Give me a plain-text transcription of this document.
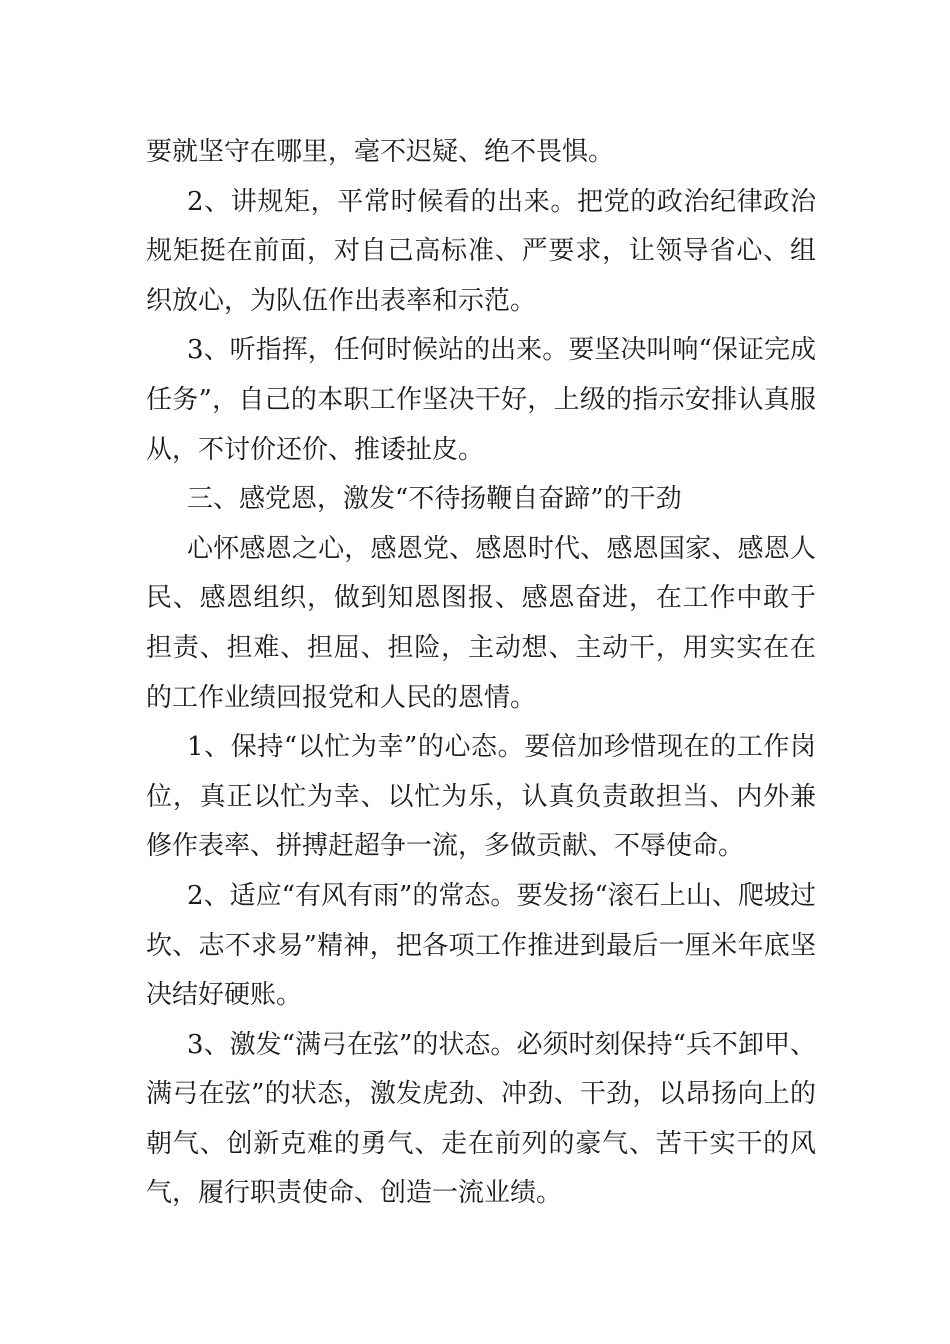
要就坚守在哪里，毫不迟疑、绝不畏惧。

2、讲规矩，平常时候看的出来。把党的政治纪律政治规矩挺在前面，对自己高标准、严要求，让领导省心、组织放心，为队伍作出表率和示范。

3、听指挥，任何时候站的出来。要坚决叫响“保证完成任务”，自己的本职工作坚决干好，上级的指示安排认真服从，不讨价还价、推诿扯皮。

三、感党恩，激发“不待扬鞭自奋蹄”的干劲

心怀感恩之心，感恩党、感恩时代、感恩国家、感恩人民、感恩组织，做到知恩图报、感恩奋进，在工作中敢于担责、担难、担屈、担险，主动想、主动干，用实实在在的工作业绩回报党和人民的恩情。

1、保持“以忙为幸”的心态。要倍加珍惜现在的工作岗位，真正以忙为幸、以忙为乐，认真负责敢担当、内外兼修作表率、拼搏赶超争一流，多做贡献、不辱使命。

2、适应“有风有雨”的常态。要发扬“滚石上山、爬坡过坎、志不求易”精神，把各项工作推进到最后一厘米年底坚决结好硬账。

3、激发“满弓在弦”的状态。必须时刻保持“兵不卸甲、满弓在弦”的状态，激发虎劲、冲劲、干劲，以昂扬向上的朝气、创新克难的勇气、走在前列的豪气、苦干实干的风气，履行职责使命、创造一流业绩。
